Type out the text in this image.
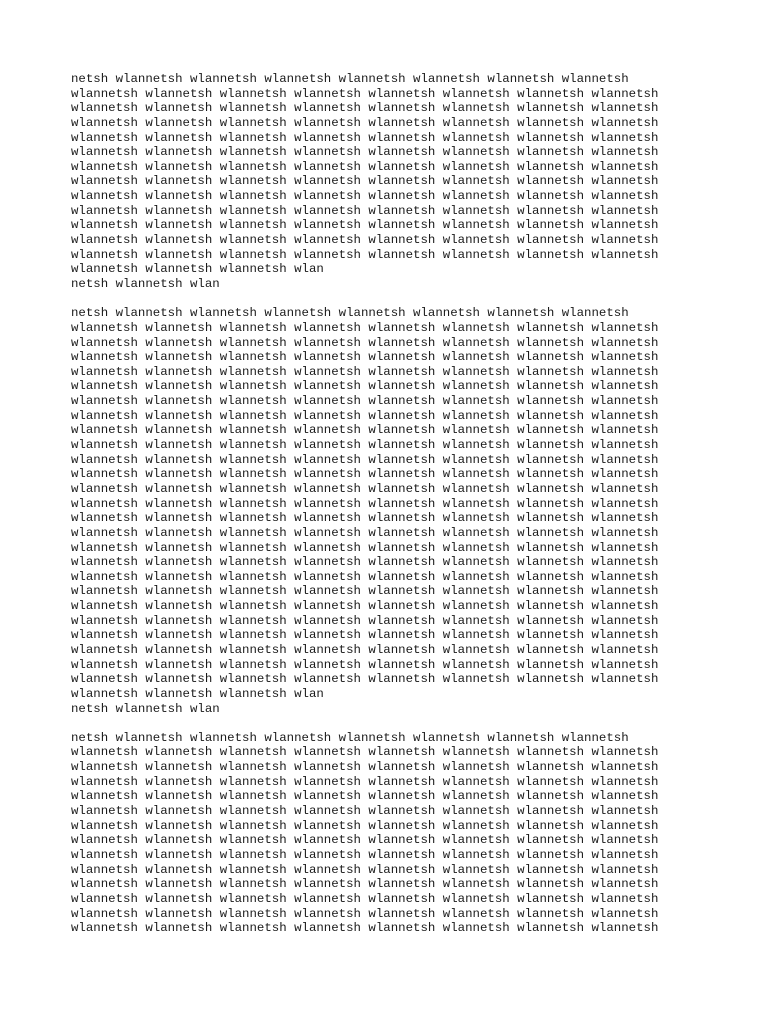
netsh wlannetsh wlannetsh wlannetsh wlannetsh wlannetsh wlannetsh wlannetsh
wlannetsh wlannetsh wlannetsh wlannetsh wlannetsh wlannetsh wlannetsh wlannetsh
wlannetsh wlannetsh wlannetsh wlannetsh wlannetsh wlannetsh wlannetsh wlannetsh
wlannetsh wlannetsh wlannetsh wlannetsh wlannetsh wlannetsh wlannetsh wlannetsh
wlannetsh wlannetsh wlannetsh wlannetsh wlannetsh wlannetsh wlannetsh wlannetsh
wlannetsh wlannetsh wlannetsh wlannetsh wlannetsh wlannetsh wlannetsh wlannetsh
wlannetsh wlannetsh wlannetsh wlannetsh wlannetsh wlannetsh wlannetsh wlannetsh
wlannetsh wlannetsh wlannetsh wlannetsh wlannetsh wlannetsh wlannetsh wlannetsh
wlannetsh wlannetsh wlannetsh wlannetsh wlannetsh wlannetsh wlannetsh wlannetsh
wlannetsh wlannetsh wlannetsh wlannetsh wlannetsh wlannetsh wlannetsh wlannetsh
wlannetsh wlannetsh wlannetsh wlannetsh wlannetsh wlannetsh wlannetsh wlannetsh
wlannetsh wlannetsh wlannetsh wlannetsh wlannetsh wlannetsh wlannetsh wlannetsh
wlannetsh wlannetsh wlannetsh wlannetsh wlannetsh wlannetsh wlannetsh wlannetsh
wlannetsh wlannetsh wlannetsh wlan
netsh wlannetsh wlan
netsh wlannetsh wlannetsh wlannetsh wlannetsh wlannetsh wlannetsh wlannetsh
wlannetsh wlannetsh wlannetsh wlannetsh wlannetsh wlannetsh wlannetsh wlannetsh
wlannetsh wlannetsh wlannetsh wlannetsh wlannetsh wlannetsh wlannetsh wlannetsh
wlannetsh wlannetsh wlannetsh wlannetsh wlannetsh wlannetsh wlannetsh wlannetsh
wlannetsh wlannetsh wlannetsh wlannetsh wlannetsh wlannetsh wlannetsh wlannetsh
wlannetsh wlannetsh wlannetsh wlannetsh wlannetsh wlannetsh wlannetsh wlannetsh
wlannetsh wlannetsh wlannetsh wlannetsh wlannetsh wlannetsh wlannetsh wlannetsh
wlannetsh wlannetsh wlannetsh wlannetsh wlannetsh wlannetsh wlannetsh wlannetsh
wlannetsh wlannetsh wlannetsh wlannetsh wlannetsh wlannetsh wlannetsh wlannetsh
wlannetsh wlannetsh wlannetsh wlannetsh wlannetsh wlannetsh wlannetsh wlannetsh
wlannetsh wlannetsh wlannetsh wlannetsh wlannetsh wlannetsh wlannetsh wlannetsh
wlannetsh wlannetsh wlannetsh wlannetsh wlannetsh wlannetsh wlannetsh wlannetsh
wlannetsh wlannetsh wlannetsh wlannetsh wlannetsh wlannetsh wlannetsh wlannetsh
wlannetsh wlannetsh wlannetsh wlannetsh wlannetsh wlannetsh wlannetsh wlannetsh
wlannetsh wlannetsh wlannetsh wlannetsh wlannetsh wlannetsh wlannetsh wlannetsh
wlannetsh wlannetsh wlannetsh wlannetsh wlannetsh wlannetsh wlannetsh wlannetsh
wlannetsh wlannetsh wlannetsh wlannetsh wlannetsh wlannetsh wlannetsh wlannetsh
wlannetsh wlannetsh wlannetsh wlannetsh wlannetsh wlannetsh wlannetsh wlannetsh
wlannetsh wlannetsh wlannetsh wlannetsh wlannetsh wlannetsh wlannetsh wlannetsh
wlannetsh wlannetsh wlannetsh wlannetsh wlannetsh wlannetsh wlannetsh wlannetsh
wlannetsh wlannetsh wlannetsh wlannetsh wlannetsh wlannetsh wlannetsh wlannetsh
wlannetsh wlannetsh wlannetsh wlannetsh wlannetsh wlannetsh wlannetsh wlannetsh
wlannetsh wlannetsh wlannetsh wlannetsh wlannetsh wlannetsh wlannetsh wlannetsh
wlannetsh wlannetsh wlannetsh wlannetsh wlannetsh wlannetsh wlannetsh wlannetsh
wlannetsh wlannetsh wlannetsh wlannetsh wlannetsh wlannetsh wlannetsh wlannetsh
wlannetsh wlannetsh wlannetsh wlannetsh wlannetsh wlannetsh wlannetsh wlannetsh
wlannetsh wlannetsh wlannetsh wlan
netsh wlannetsh wlan
netsh wlannetsh wlannetsh wlannetsh wlannetsh wlannetsh wlannetsh wlannetsh
wlannetsh wlannetsh wlannetsh wlannetsh wlannetsh wlannetsh wlannetsh wlannetsh
wlannetsh wlannetsh wlannetsh wlannetsh wlannetsh wlannetsh wlannetsh wlannetsh
wlannetsh wlannetsh wlannetsh wlannetsh wlannetsh wlannetsh wlannetsh wlannetsh
wlannetsh wlannetsh wlannetsh wlannetsh wlannetsh wlannetsh wlannetsh wlannetsh
wlannetsh wlannetsh wlannetsh wlannetsh wlannetsh wlannetsh wlannetsh wlannetsh
wlannetsh wlannetsh wlannetsh wlannetsh wlannetsh wlannetsh wlannetsh wlannetsh
wlannetsh wlannetsh wlannetsh wlannetsh wlannetsh wlannetsh wlannetsh wlannetsh
wlannetsh wlannetsh wlannetsh wlannetsh wlannetsh wlannetsh wlannetsh wlannetsh
wlannetsh wlannetsh wlannetsh wlannetsh wlannetsh wlannetsh wlannetsh wlannetsh
wlannetsh wlannetsh wlannetsh wlannetsh wlannetsh wlannetsh wlannetsh wlannetsh
wlannetsh wlannetsh wlannetsh wlannetsh wlannetsh wlannetsh wlannetsh wlannetsh
wlannetsh wlannetsh wlannetsh wlannetsh wlannetsh wlannetsh wlannetsh wlannetsh
wlannetsh wlannetsh wlannetsh wlannetsh wlannetsh wlannetsh wlannetsh wlannetsh
